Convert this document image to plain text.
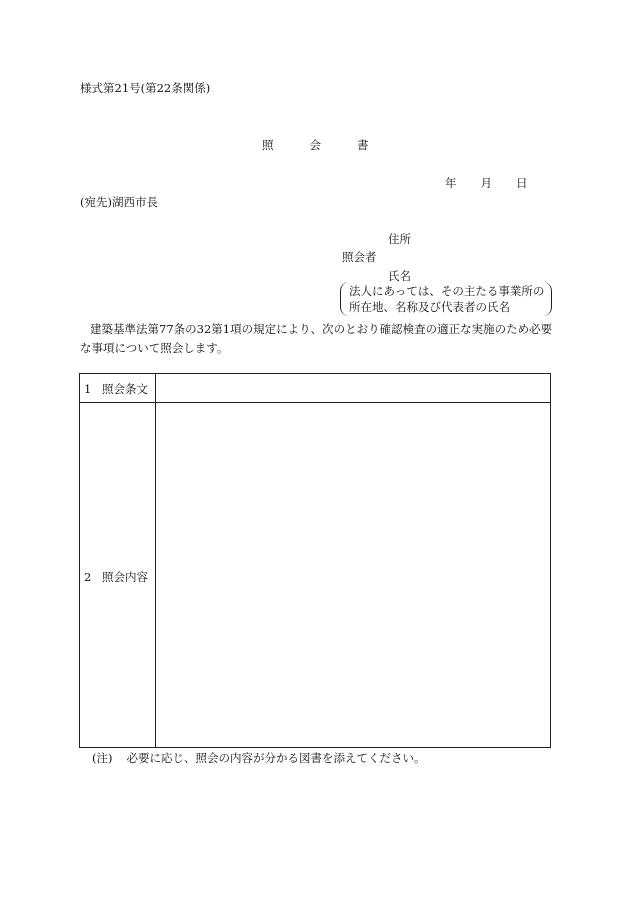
様式第21号(第22条関係)
照	会	書
年 月 日
(宛先)湖西市長
住所
照会者
氏名
法人にあっては、その主たる事業所の
所在地、名称及び代表者の氏名
建築基準法第77条の32第1項の規定により、次のとおり確認検査の適正な実施のため必要
な事項について照会します。
1 照会条文
2 照会内容
(注) 必要に応じ、照会の内容が分かる図書を添えてください。
